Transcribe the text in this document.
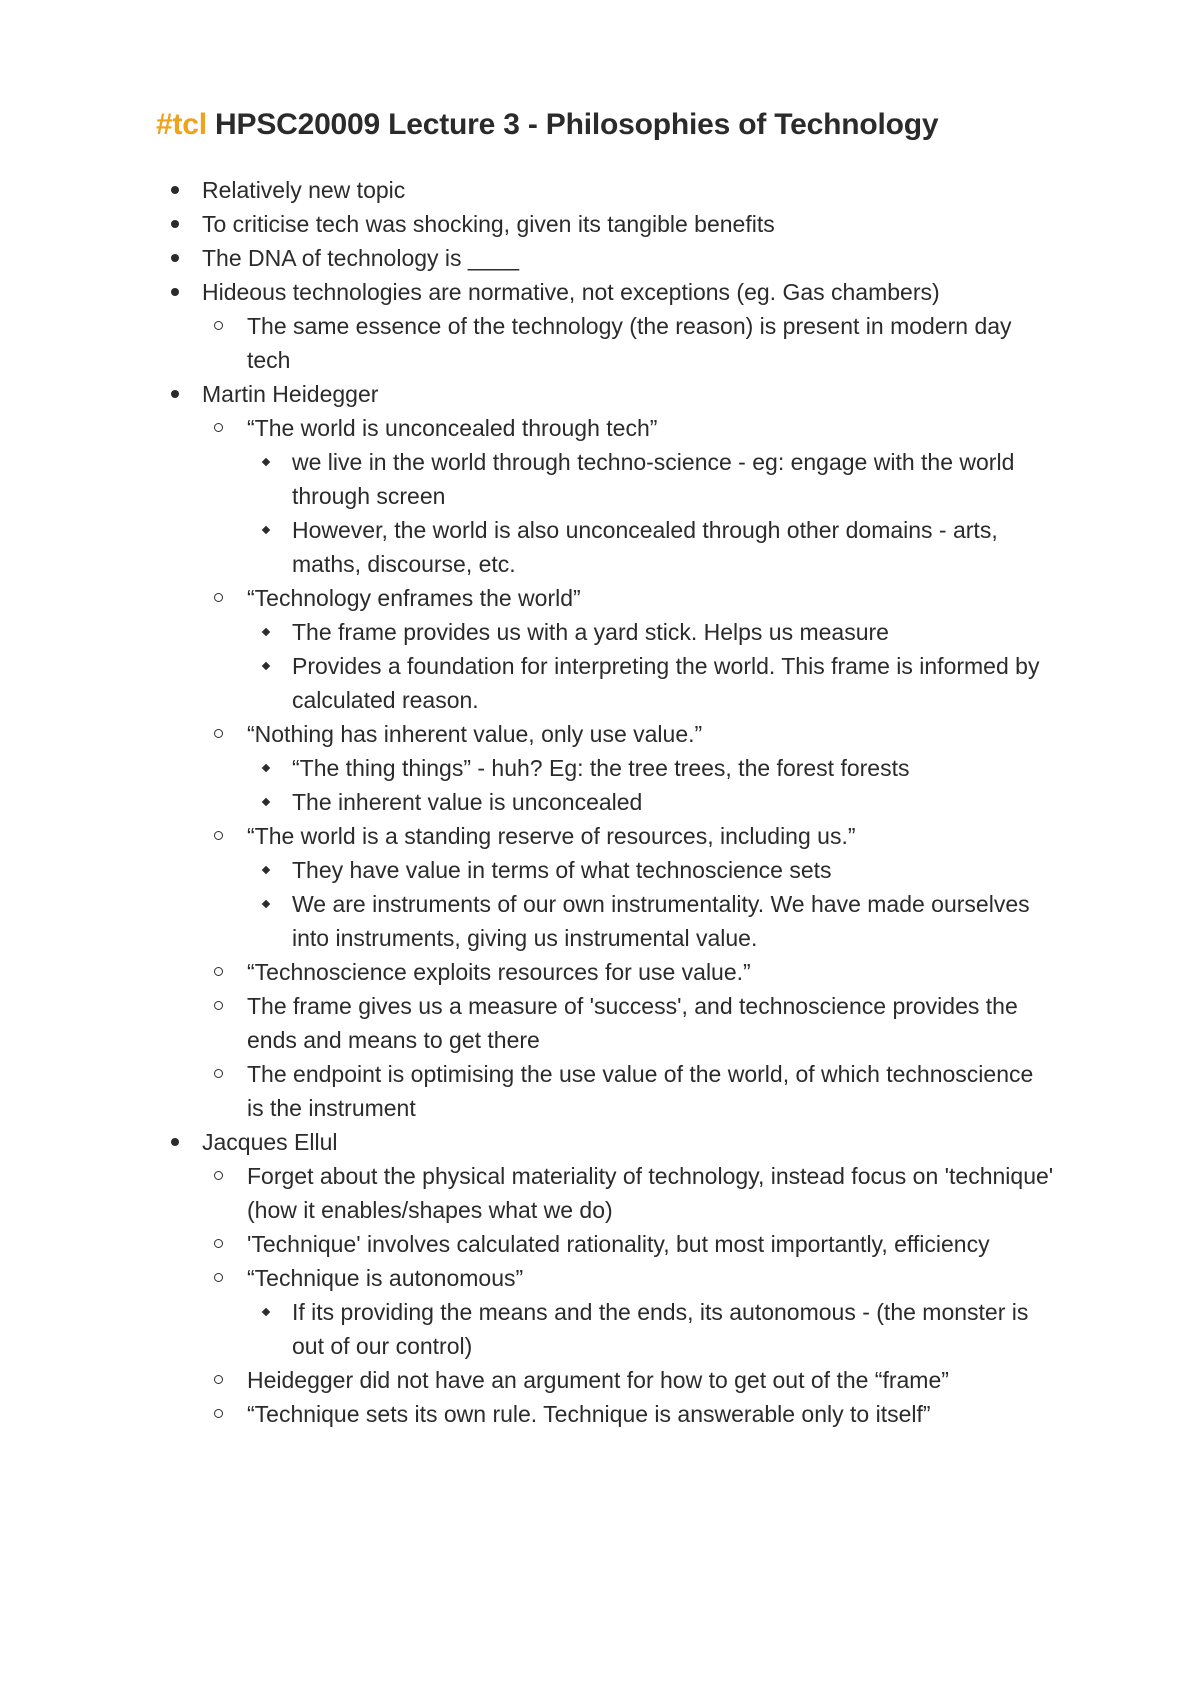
#tcl HPSC20009 Lecture 3 - Philosophies of Technology
Relatively new topic
To criticise tech was shocking, given its tangible benefits
The DNA of technology is ____
Hideous technologies are normative, not exceptions (eg. Gas chambers)
The same essence of the technology (the reason) is present in modern day tech
Martin Heidegger
“The world is unconcealed through tech”
we live in the world through techno-science - eg: engage with the world through screen
However, the world is also unconcealed through other domains - arts, maths, discourse, etc.
“Technology enframes the world”
The frame provides us with a yard stick. Helps us measure
Provides a foundation for interpreting the world. This frame is informed by calculated reason.
“Nothing has inherent value, only use value.”
“The thing things” - huh? Eg: the tree trees, the forest forests
The inherent value is unconcealed
“The world is a standing reserve of resources, including us.”
They have value in terms of what technoscience sets
We are instruments of our own instrumentality. We have made ourselves into instruments, giving us instrumental value.
“Technoscience exploits resources for use value.”
The frame gives us a measure of 'success', and technoscience provides the ends and means to get there
The endpoint is optimising the use value of the world, of which technoscience is the instrument
Jacques Ellul
Forget about the physical materiality of technology, instead focus on 'technique' (how it enables/shapes what we do)
'Technique' involves calculated rationality, but most importantly, efficiency
“Technique is autonomous”
If its providing the means and the ends, its autonomous - (the monster is out of our control)
Heidegger did not have an argument for how to get out of the “frame”
“Technique sets its own rule. Technique is answerable only to itself”
